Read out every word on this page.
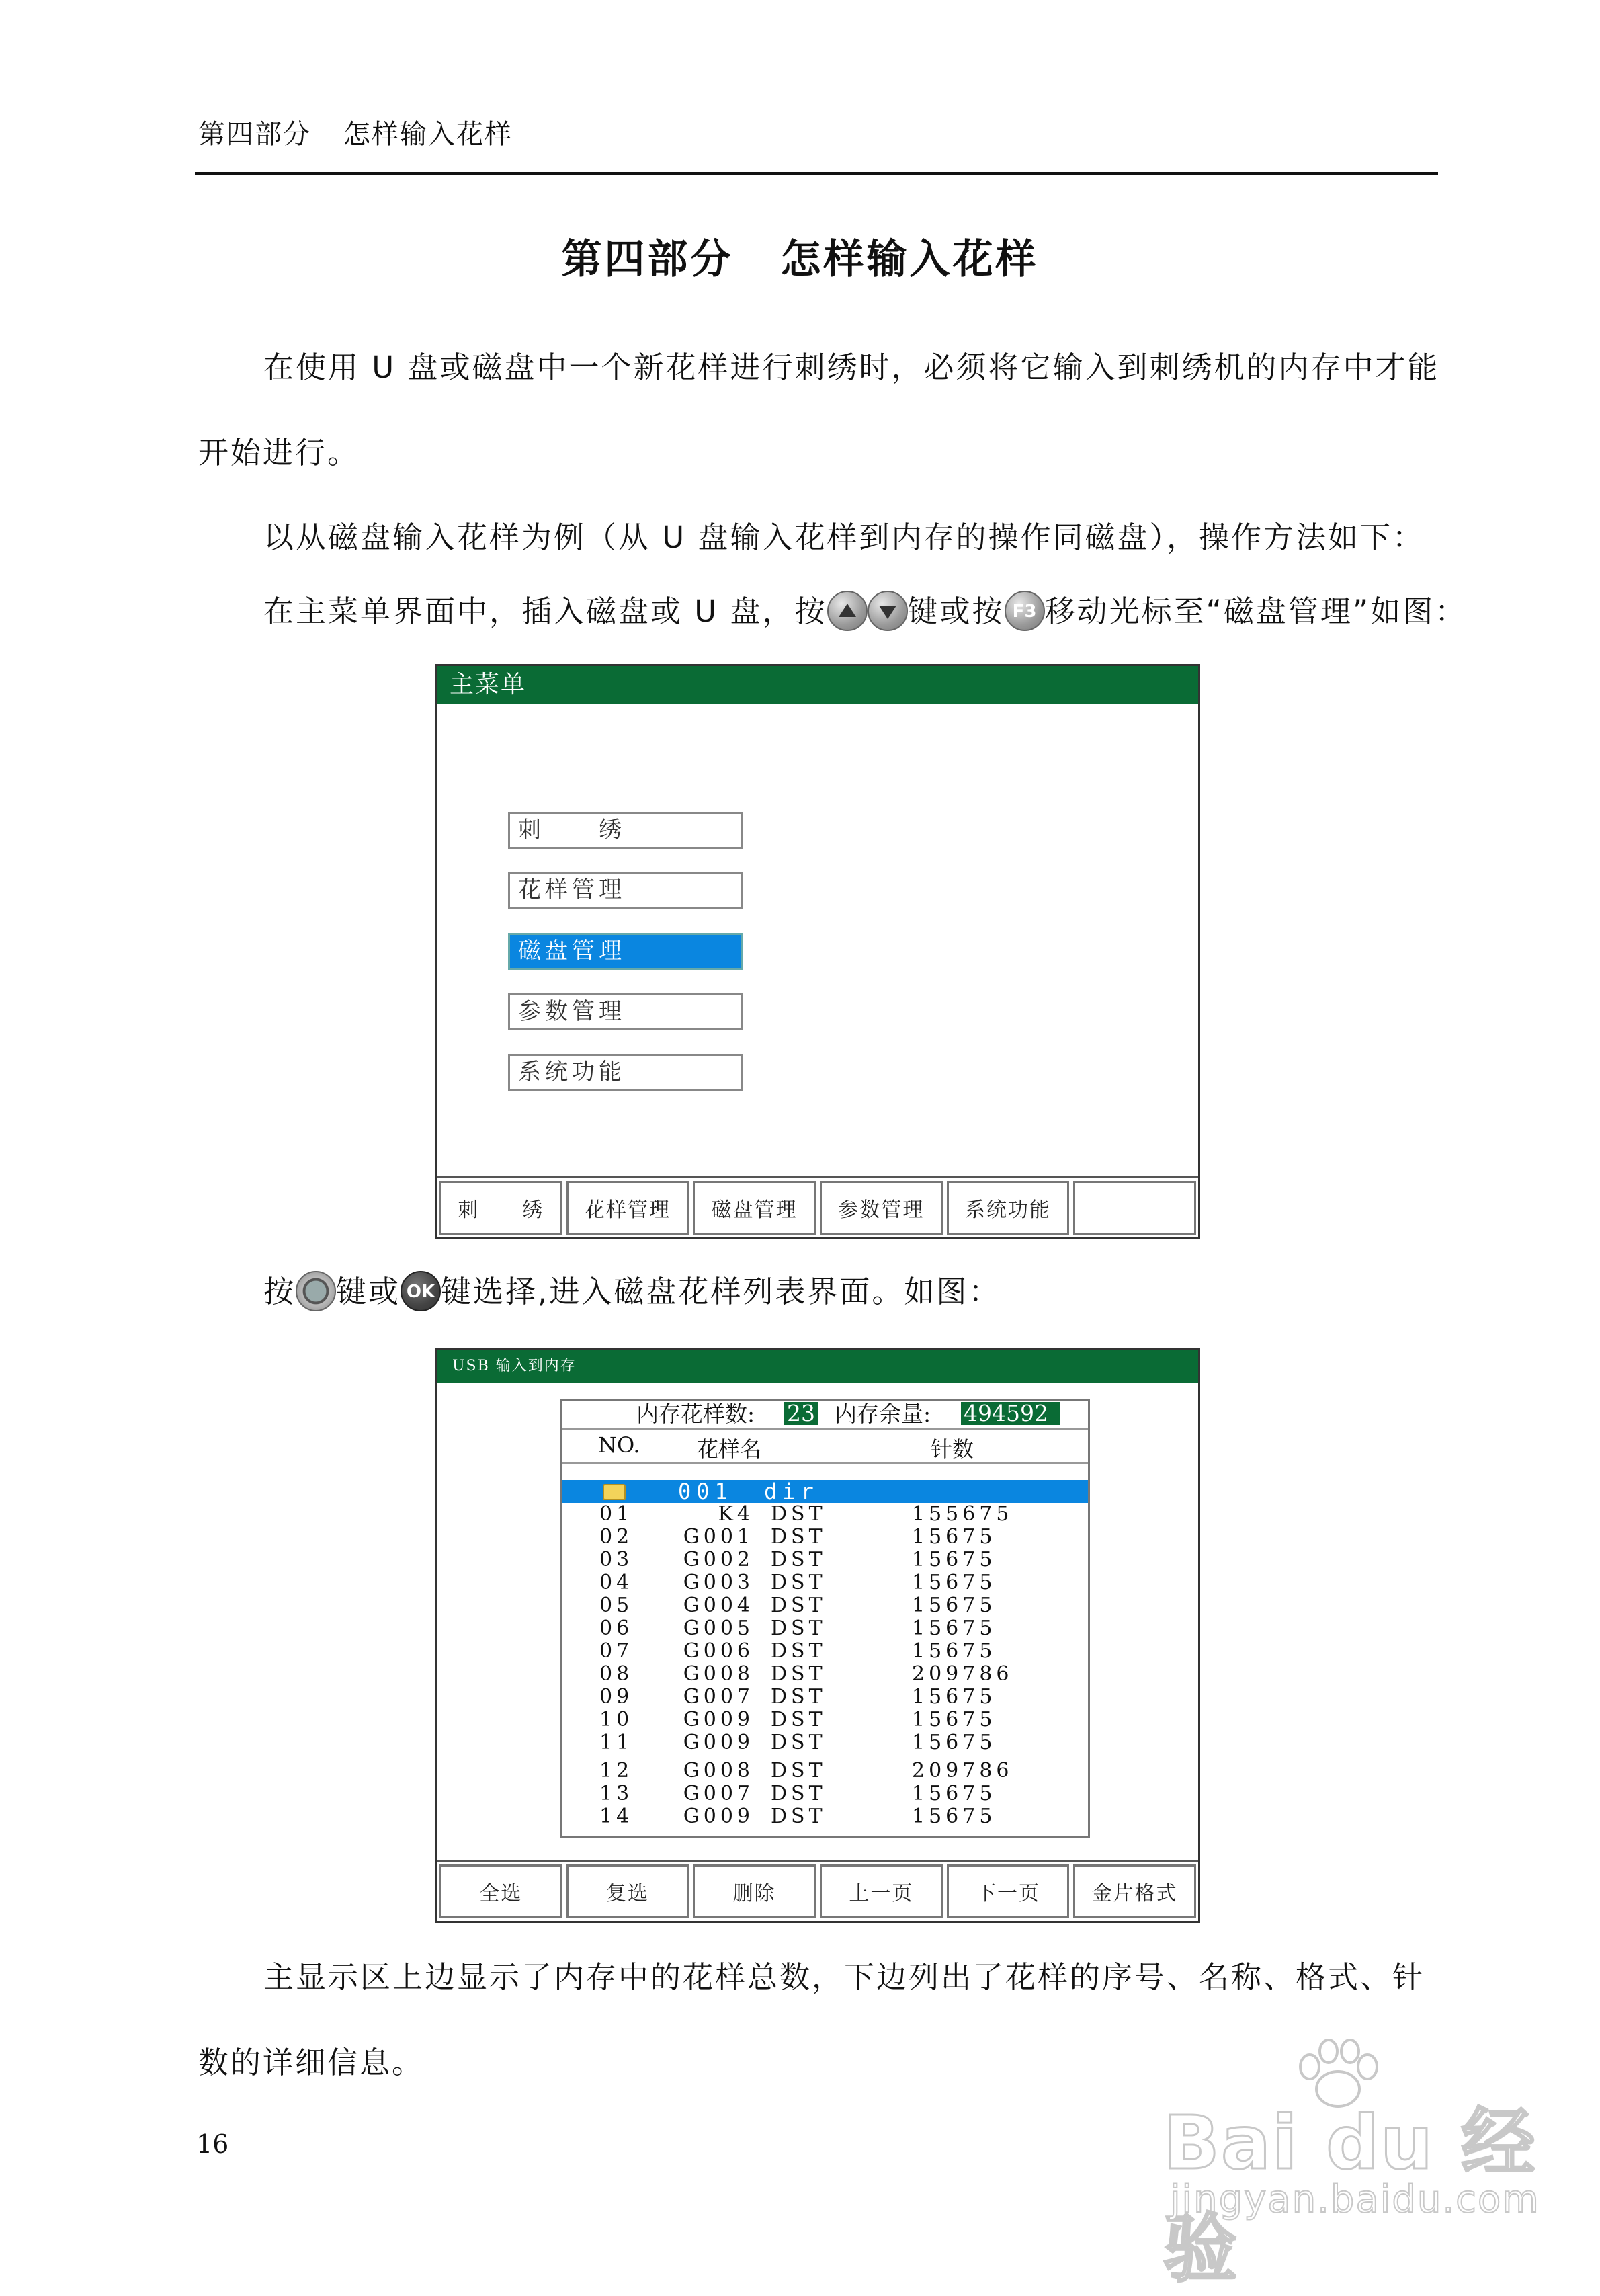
第四部分 怎样输入花样
第四部分 怎样输入花样
在使用 U 盘或磁盘中一个新花样进行刺绣时，必须将它输入到刺绣机的内存中才能
开始进行。
以从磁盘输入花样为例（从 U 盘输入花样到内存的操作同磁盘），操作方法如下：
在主菜单界面中，插入磁盘或 U 盘，按	键或按 F3 移动光标至“磁盘管理”如图：
主菜单
刺　　绣
花样管理
磁盘管理
参数管理
系统功能
刺　　绣	花样管理	磁盘管理	参数管理	系统功能
按 键或 OK 键选择,进入磁盘花样列表界面。如图：
USB 输入到内存
内存花样数: 23 内存余量: 494592
NO.	花样名	针数
001 dir
01	K4 DST	155675
02	G001 DST	15675
03	G002 DST	15675
04	G003 DST	15675
05	G004 DST	15675
06	G005 DST	15675
07	G006 DST	15675
08	G008 DST	209786
09	G007 DST	15675
10	G009 DST	15675
11	G009 DST	15675
12	G008 DST	209786
13	G007 DST	15675
14	G009 DST	15675
全选	复选	删除	上一页	下一页	金片格式
主显示区上边显示了内存中的花样总数，下边列出了花样的序号、名称、格式、针
数的详细信息。
Bai du 经验
jingyan.baidu.com
16
